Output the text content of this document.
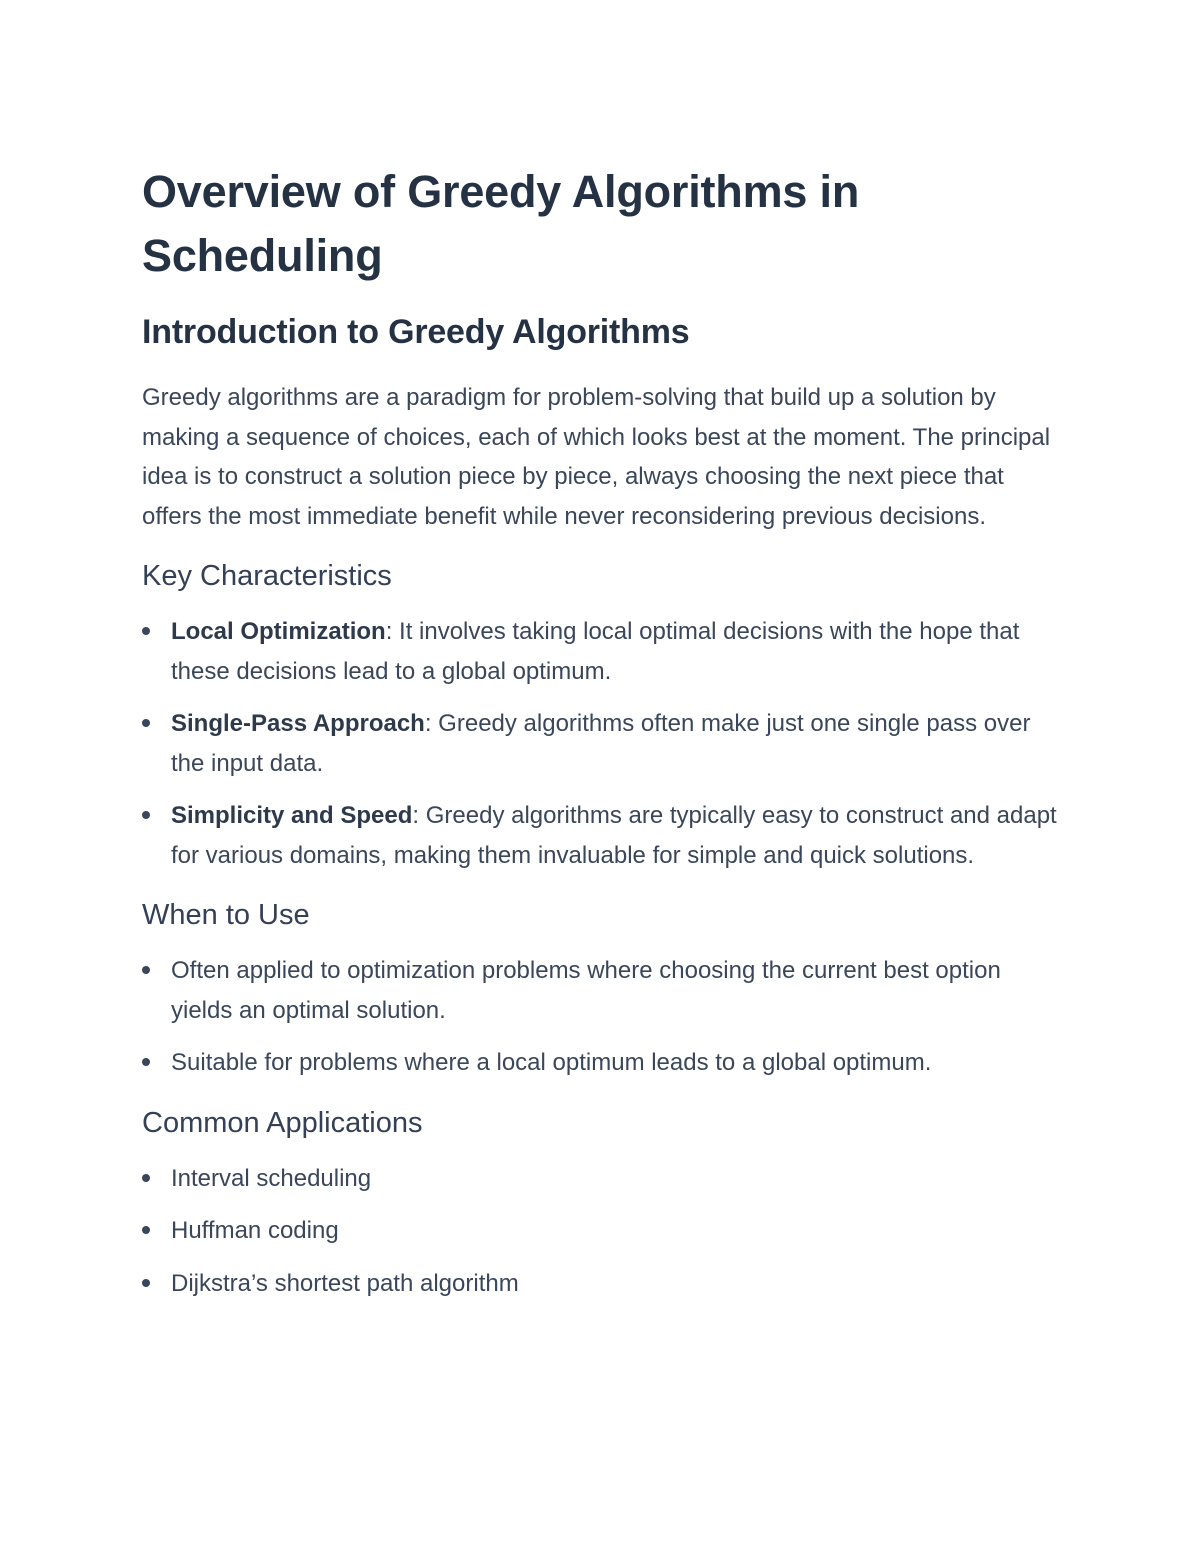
Overview of Greedy Algorithms in Scheduling
Introduction to Greedy Algorithms

Greedy algorithms are a paradigm for problem-solving that build up a solution by making a sequence of choices, each of which looks best at the moment. The principal idea is to construct a solution piece by piece, always choosing the next piece that offers the most immediate benefit while never reconsidering previous decisions.

Key Characteristics
Local Optimization: It involves taking local optimal decisions with the hope that these decisions lead to a global optimum.
Single-Pass Approach: Greedy algorithms often make just one single pass over the input data.
Simplicity and Speed: Greedy algorithms are typically easy to construct and adapt for various domains, making them invaluable for simple and quick solutions.
When to Use
Often applied to optimization problems where choosing the current best option yields an optimal solution.
Suitable for problems where a local optimum leads to a global optimum.
Common Applications
Interval scheduling
Huffman coding
Dijkstra’s shortest path algorithm
